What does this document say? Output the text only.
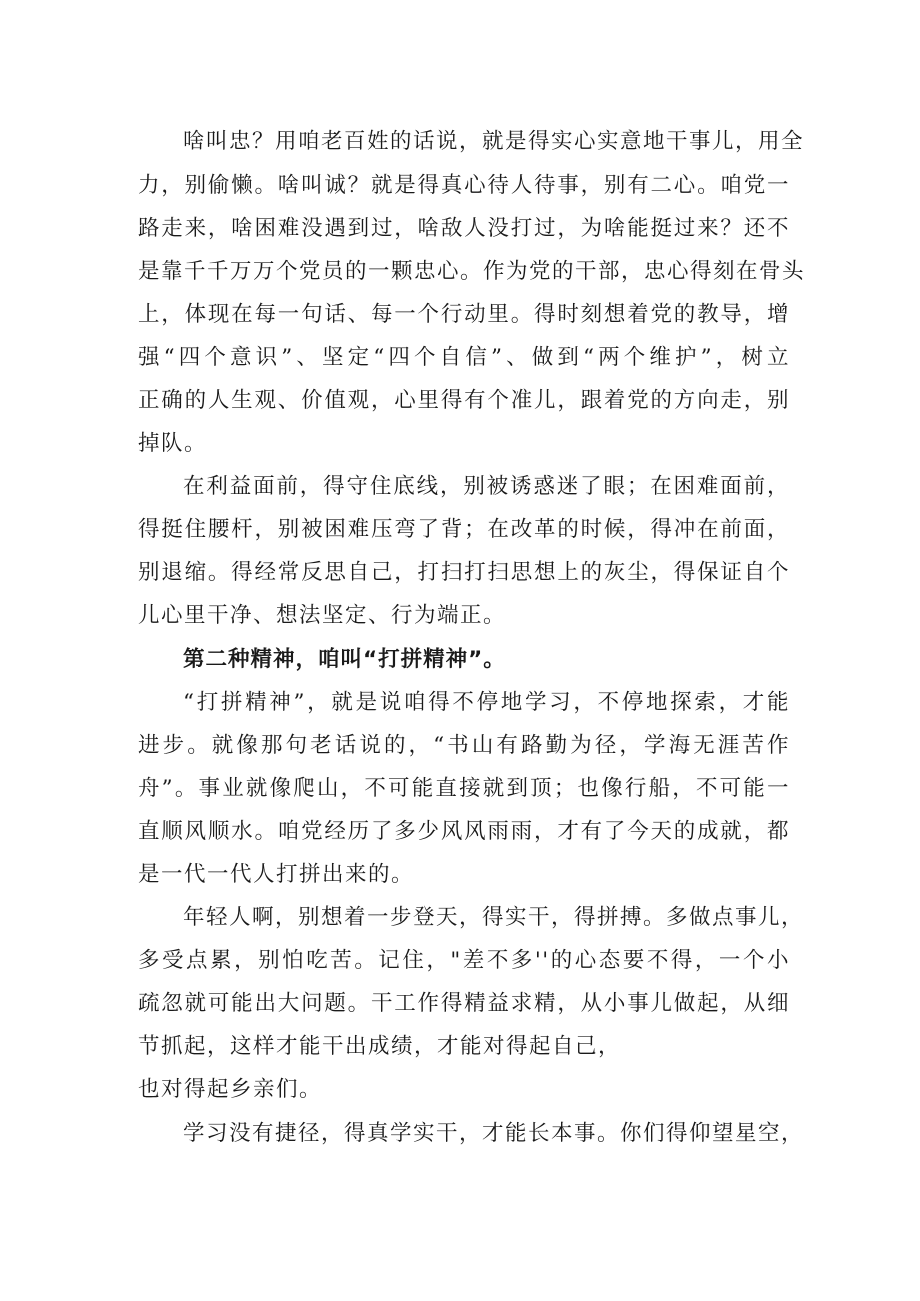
啥叫忠？用咱老百姓的话说，就是得实心实意地干事儿，用全
力，别偷懒。啥叫诚？就是得真心待人待事，别有二心。咱党一
路走来，啥困难没遇到过，啥敌人没打过，为啥能挺过来？还不
是靠千千万万个党员的一颗忠心。作为党的干部，忠心得刻在骨头
上，体现在每一句话、每一个行动里。得时刻想着党的教导，增
强“四个意识”、坚定“四个自信”、做到“两个维护”，树立
正确的人生观、价值观，心里得有个准儿，跟着党的方向走，别
掉队。
在利益面前，得守住底线，别被诱惑迷了眼；在困难面前，
得挺住腰杆，别被困难压弯了背；在改革的时候，得冲在前面，
别退缩。得经常反思自己，打扫打扫思想上的灰尘，得保证自个
儿心里干净、想法坚定、行为端正。
第二种精神，咱叫“打拼精神”。
“打拼精神”，就是说咱得不停地学习，不停地探索，才能
进步。就像那句老话说的，“书山有路勤为径，学海无涯苦作
舟”。事业就像爬山，不可能直接就到顶；也像行船，不可能一
直顺风顺水。咱党经历了多少风风雨雨，才有了今天的成就，都
是一代一代人打拼出来的。
年轻人啊，别想着一步登天，得实干，得拼搏。多做点事儿，
多受点累，别怕吃苦。记住，"差不多''的心态要不得，一个小
疏忽就可能出大问题。干工作得精益求精，从小事儿做起，从细
节抓起，这样才能干出成绩，才能对得起自己，
也对得起乡亲们。
学习没有捷径，得真学实干，才能长本事。你们得仰望星空，
